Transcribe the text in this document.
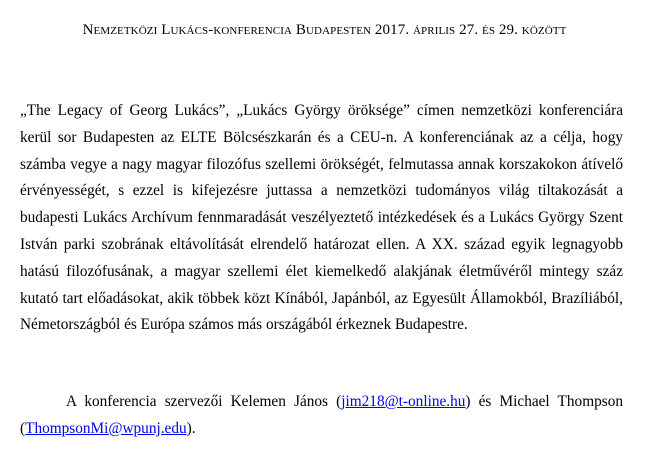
Nemzetközi Lukács-konferencia Budapesten 2017. április 27. és 29. között

„The Legacy of Georg Lukács”, „Lukács György öröksége” címen nemzetközi konferenciára kerül sor Budapesten az ELTE Bölcsészkarán és a CEU-n. A konferenciának az a célja, hogy számba vegye a nagy magyar filozófus szellemi örökségét, felmutassa annak korszakokon átívelő érvényességét, s ezzel is kifejezésre juttassa a nemzetközi tudományos világ tiltakozását a budapesti Lukács Archívum fennmaradását veszélyeztető intézkedések és a Lukács György Szent István parki szobrának eltávolítását elrendelő határozat ellen. A XX. század egyik legnagyobb hatású filozófusának, a magyar szellemi élet kiemelkedő alakjának életművéről mintegy száz kutató tart előadásokat, akik többek közt Kínából, Japánból, az Egyesült Államokból, Brazíliából, Németországból és Európa számos más országából érkeznek Budapestre.

A konferencia szervezői Kelemen János (jim218@t-online.hu) és Michael Thompson (ThompsonMi@wpunj.edu).
